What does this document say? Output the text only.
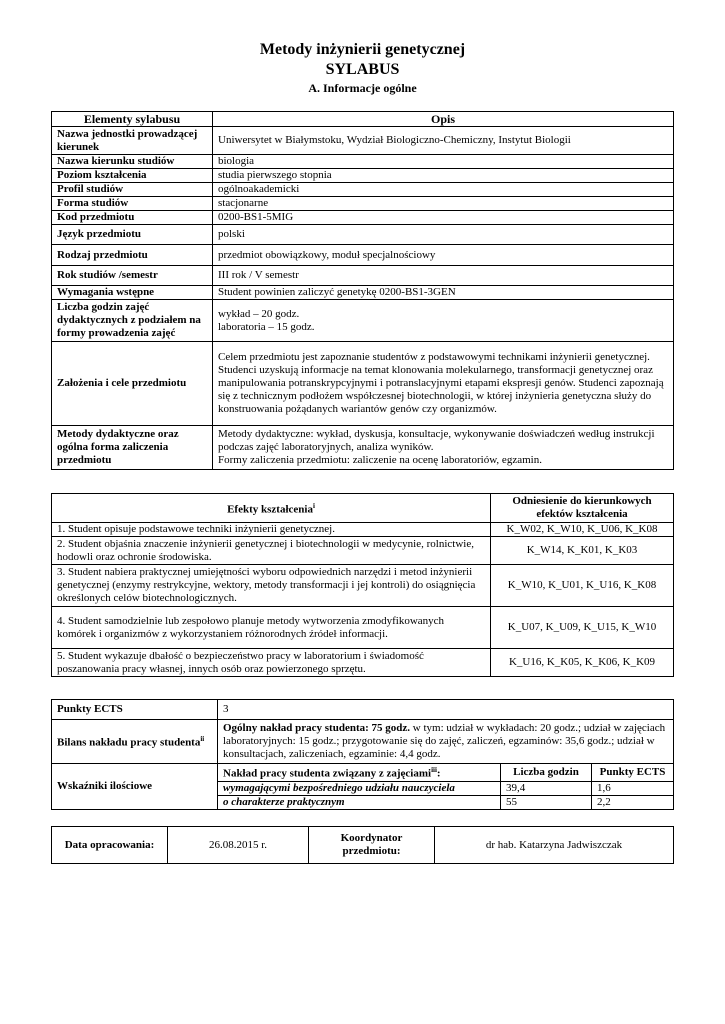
Metody inżynierii genetycznej
SYLABUS
A. Informacje ogólne
Elementy sylabusu	Opis
Nazwa jednostki prowadzącej kierunek	Uniwersytet w Białymstoku, Wydział Biologiczno-Chemiczny, Instytut Biologii
Nazwa kierunku studiów	biologia
Poziom kształcenia	studia pierwszego stopnia
Profil studiów	ogólnoakademicki
Forma studiów	stacjonarne
Kod przedmiotu	0200-BS1-5MIG
Język przedmiotu	polski
Rodzaj przedmiotu	przedmiot obowiązkowy, moduł specjalnościowy
Rok studiów /semestr	III rok / V semestr
Wymagania wstępne	Student powinien zaliczyć genetykę 0200-BS1-3GEN
Liczba godzin zajęć dydaktycznych z podziałem na formy prowadzenia zajęć	wykład – 20 godz.
laboratoria – 15 godz.

Założenia i cele przedmiotu	Celem przedmiotu jest zapoznanie studentów z podstawowymi technikami inżynierii genetycznej. Studenci uzyskują informacje na temat klonowania molekularnego, transformacji genetycznej oraz manipulowania potranskrypcyjnymi i potranslacyjnymi etapami ekspresji genów. Studenci zapoznają się z technicznym podłożem współczesnej biotechnologii, w której inżynieria genetyczna służy do konstruowania pożądanych wariantów genów czy organizmów.
Metody dydaktyczne oraz ogólna forma zaliczenia przedmiotu	Metody dydaktyczne: wykład, dyskusja, konsultacje, wykonywanie doświadczeń według instrukcji podczas zajęć laboratoryjnych, analiza wyników.
Formy zaliczenia przedmiotu: zaliczenie na ocenę laboratoriów, egzamin.
Efekty kształcenia$^i$	Odniesienie do kierunkowych efektów kształcenia
1. Student opisuje podstawowe techniki inżynierii genetycznej.	K_W02, K_W10, K_U06, K_K08
2. Student objaśnia znaczenie inżynierii genetycznej i biotechnologii w medycynie, rolnictwie, hodowli oraz ochronie środowiska.	K_W14, K_K01, K_K03
3. Student nabiera praktycznej umiejętności wyboru odpowiednich narzędzi i metod inżynierii genetycznej (enzymy restrykcyjne, wektory, metody transformacji i jej kontroli) do osiągnięcia określonych celów biotechnologicznych.	K_W10, K_U01, K_U16, K_K08
4. Student samodzielnie lub zespołowo planuje metody wytworzenia zmodyfikowanych komórek i organizmów z wykorzystaniem różnorodnych źródeł informacji.	K_U07, K_U09, K_U15, K_W10
5. Student wykazuje dbałość o bezpieczeństwo pracy w laboratorium i świadomość poszanowania pracy własnej, innych osób oraz powierzonego sprzętu.	K_U16, K_K05, K_K06, K_K09
Punkty ECTS	3		
Bilans nakładu pracy studenta$^{ii}$	Ogólny nakład pracy studenta: 75 godz. w tym: udział w wykładach: 20 godz.; udział w zajęciach laboratoryjnych: 15 godz.; przygotowanie się do zajęć, zaliczeń, egzaminów: 35,6 godz.; udział w konsultacjach, zaliczeniach, egzaminie: 4,4 godz.		
Wskaźniki ilościowe	Nakład pracy studenta związany z zajęciami$^{iii}$:	Liczba godzin	Punkty ECTS
	wymagającymi bezpośredniego udziału nauczyciela	39,4	1,6
	o charakterze praktycznym	55	2,2
Data opracowania:	26.08.2015 r.	Koordynator przedmiotu:	dr hab. Katarzyna Jadwiszczak
